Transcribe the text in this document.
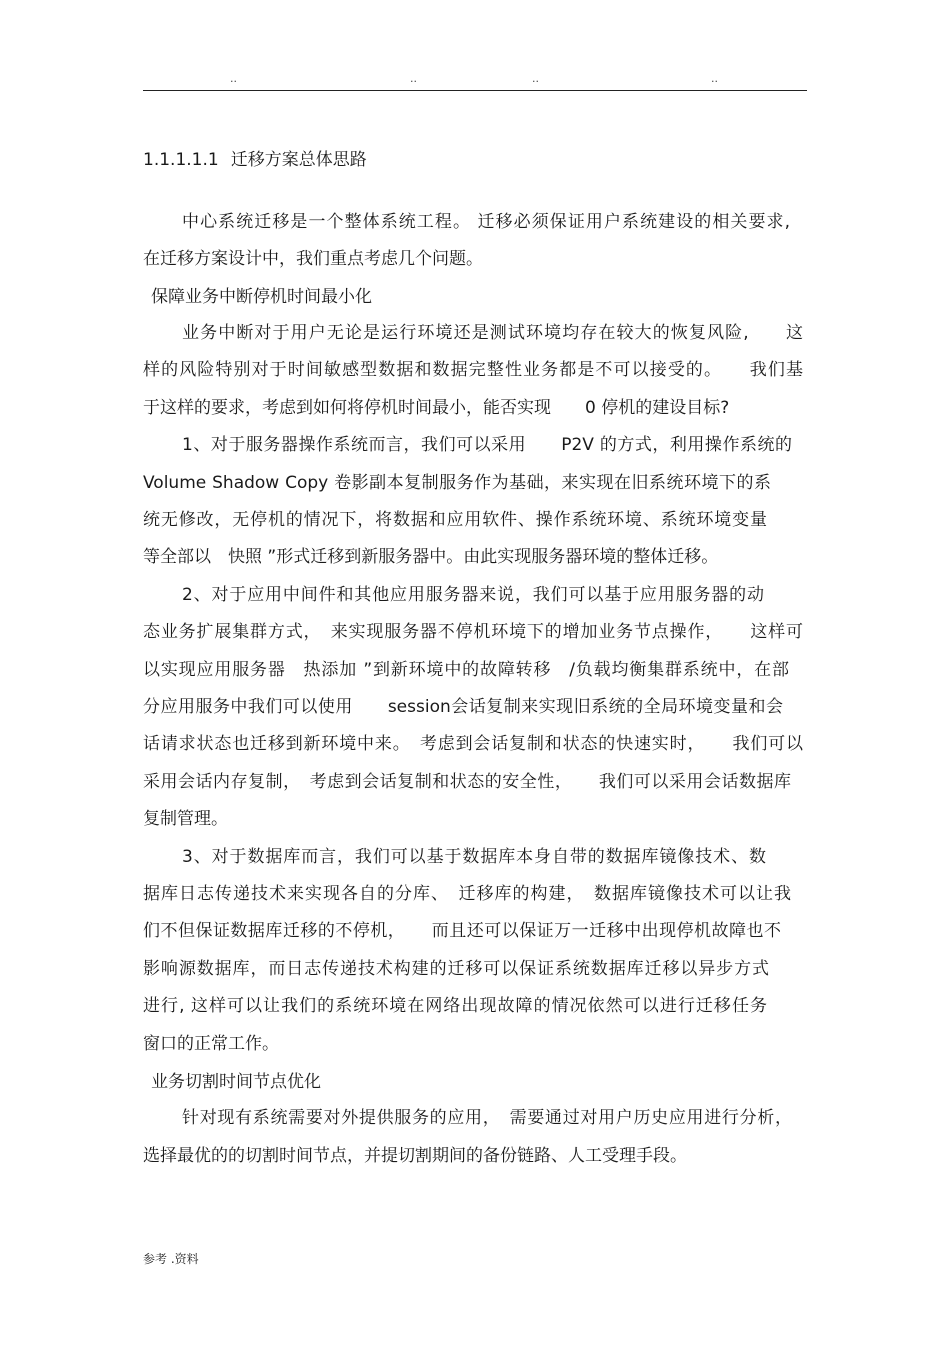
..	..	..	..
1.1.1.1.1 迁移方案总体思路
中心系统迁移是一个整体系统工程。 迁移必须保证用户系统建设的相关要求,
在迁移方案设计中，我们重点考虑几个问题。
保障业务中断停机时间最小化
业务中断对于用户无论是运行环境还是测试环境均存在较大的恢复风险,　　这
样的风险特别对于时间敏感型数据和数据完整性业务都是不可以接受的。　　我们基
于这样的要求，考虑到如何将停机时间最小，能否实现　　0 停机的建设目标?
1、对于服务器操作系统而言，我们可以采用　　P2V 的方式，利用操作系统的
Volume Shadow Copy 卷影副本复制服务作为基础，来实现在旧系统环境下的系
统无修改，无停机的情况下，将数据和应用软件、操作系统环境、系统环境变量
等全部以　快照 ”形式迁移到新服务器中。由此实现服务器环境的整体迁移。
2、对于应用中间件和其他应用服务器来说，我们可以基于应用服务器的动
态业务扩展集群方式，　来实现服务器不停机环境下的增加业务节点操作，　　这样可
以实现应用服务器　热添加 ”到新环境中的故障转移　/负载均衡集群系统中，在部
分应用服务中我们可以使用　　session会话复制来实现旧系统的全局环境变量和会
话请求状态也迁移到新环境中来。　考虑到会话复制和状态的快速实时，　　我们可以
采用会话内存复制，　考虑到会话复制和状态的安全性，　　我们可以采用会话数据库
复制管理。
3、对于数据库而言，我们可以基于数据库本身自带的数据库镜像技术、数
据库日志传递技术来实现各自的分库、　迁移库的构建，　数据库镜像技术可以让我
们不但保证数据库迁移的不停机，　　而且还可以保证万一迁移中出现停机故障也不
影响源数据库，而日志传递技术构建的迁移可以保证系统数据库迁移以异步方式
进行, 这样可以让我们的系统环境在网络出现故障的情况依然可以进行迁移任务
窗口的正常工作。
业务切割时间节点优化
针对现有系统需要对外提供服务的应用，　需要通过对用户历史应用进行分析，
选择最优的的切割时间节点，并提切割期间的备份链路、人工受理手段。
参考 .资料
